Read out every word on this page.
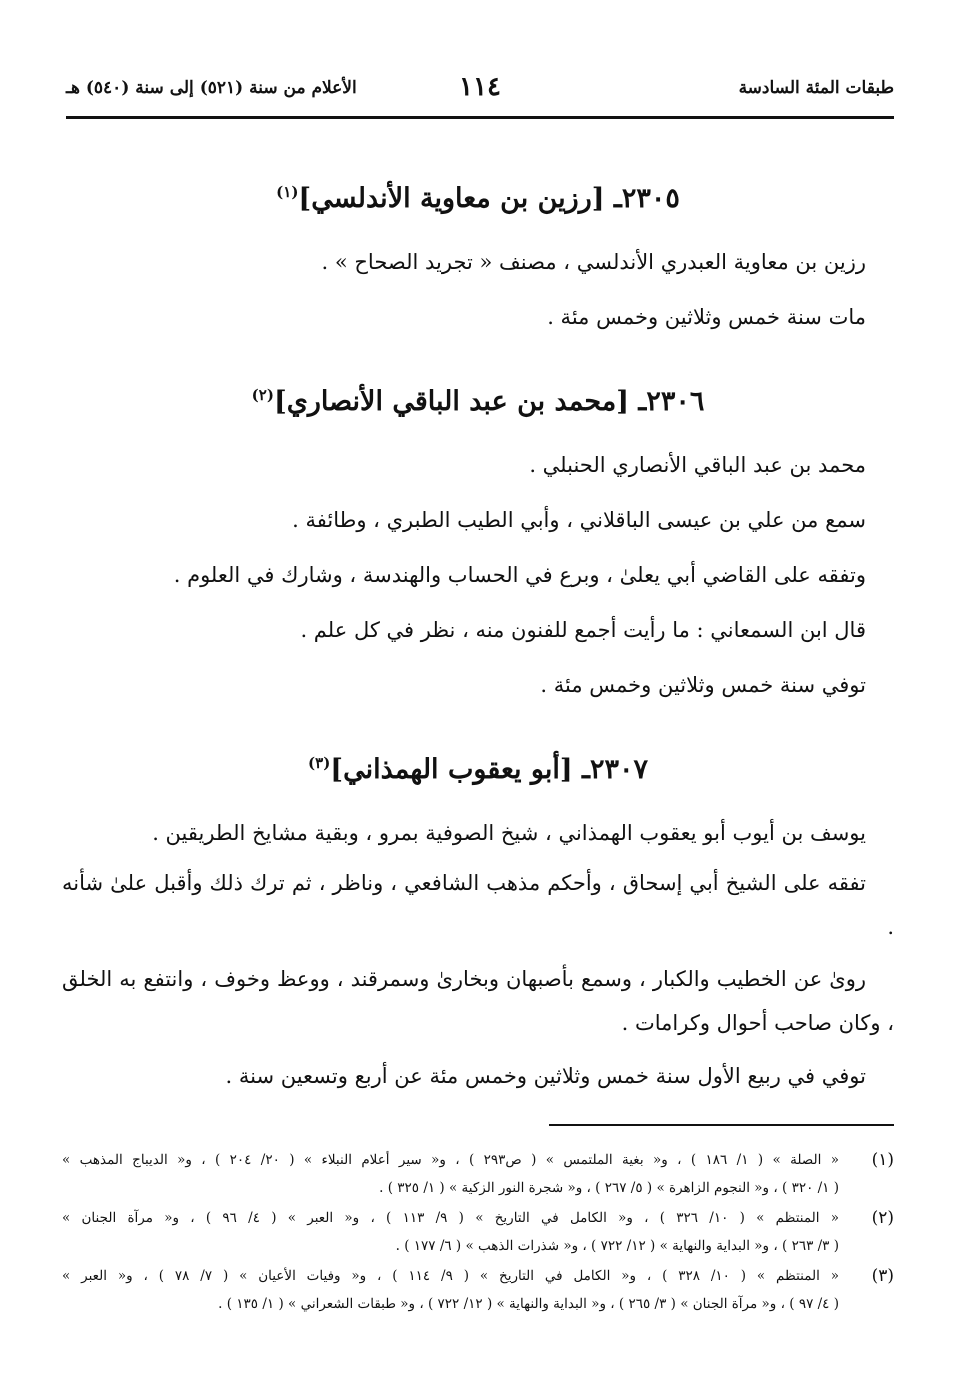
طبقات المئة السادسة
١١٤
الأعلام من سنة (٥٢١) إلى سنة (٥٤٠) هـ
٢٣٠٥ـ [رزين بن معاوية الأندلسي]$^{(١)}$

رزين بن معاوية العبدري الأندلسي ، مصنف « تجريد الصحاح » .

مات سنة خمس وثلاثين وخمس مئة .

٢٣٠٦ـ [محمد بن عبد الباقي الأنصاري]$^{(٢)}$

محمد بن عبد الباقي الأنصاري الحنبلي .

سمع من علي بن عيسى الباقلاني ، وأبي الطيب الطبري ، وطائفة .

وتفقه على القاضي أبي يعلىٰ ، وبرع في الحساب والهندسة ، وشارك في العلوم .

قال ابن السمعاني : ما رأيت أجمع للفنون منه ، نظر في كل علم .

توفي سنة خمس وثلاثين وخمس مئة .

٢٣٠٧ـ [أبو يعقوب الهمذاني]$^{(٣)}$

يوسف بن أيوب أبو يعقوب الهمذاني ، شيخ الصوفية بمرو ، وبقية مشايخ الطريقين .

تفقه على الشيخ أبي إسحاق ، وأحكم مذهب الشافعي ، وناظر ، ثم ترك ذلك وأقبل علىٰ شأنه .

روىٰ عن الخطيب والكبار ، وسمع بأصبهان وبخارىٰ وسمرقند ، ووعظ وخوف ، وانتفع به الخلق ، وكان صاحب أحوال وكرامات .

توفي في ربيع الأول سنة خمس وثلاثين وخمس مئة عن أربع وتسعين سنة .

(١)
« الصلة » ( ١/ ١٨٦ ) ، و« بغية الملتمس » ( ص٢٩٣ ) ، و« سير أعلام النبلاء » ( ٢٠/ ٢٠٤ ) ، و« الديباج المذهب »
( ١/ ٣٢٠ ) ، و« النجوم الزاهرة » ( ٥/ ٢٦٧ ) ، و« شجرة النور الزكية » ( ١/ ٣٢٥ ) .
(٢)
« المنتظم » ( ١٠/ ٣٢٦ ) ، و« الكامل في التاريخ » ( ٩/ ١١٣ ) ، و« العبر » ( ٤/ ٩٦ ) ، و« مرآة الجنان »
( ٣/ ٢٦٣ ) ، و« البداية والنهاية » ( ١٢/ ٧٢٢ ) ، و« شذرات الذهب » ( ٦/ ١٧٧ ) .
(٣)
« المنتظم » ( ١٠/ ٣٢٨ ) ، و« الكامل في التاريخ » ( ٩/ ١١٤ ) ، و« وفيات الأعيان » ( ٧/ ٧٨ ) ، و« العبر »
( ٤/ ٩٧ ) ، و« مرآة الجنان » ( ٣/ ٢٦٥ ) ، و« البداية والنهاية » ( ١٢/ ٧٢٢ ) ، و« طبقات الشعراني » ( ١/ ١٣٥ ) .
